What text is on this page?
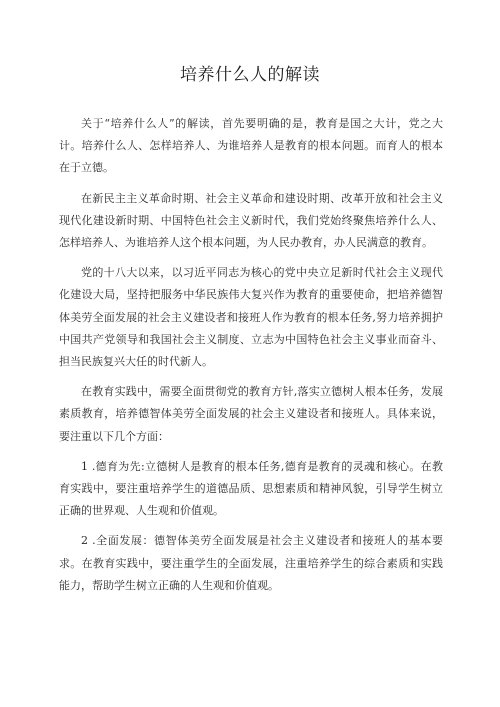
培养什么人的解读

关于“培养什么人”的解读，首先要明确的是，教育是国之大计，党之大计。培养什么人、怎样培养人、为谁培养人是教育的根本问题。而育人的根本在于立德。

在新民主主义革命时期、社会主义革命和建设时期、改革开放和社会主义现代化建设新时期、中国特色社会主义新时代，我们党始终聚焦培养什么人、怎样培养人、为谁培养人这个根本问题，为人民办教育，办人民满意的教育。

党的十八大以来，以习近平同志为核心的党中央立足新时代社会主义现代化建设大局，坚持把服务中华民族伟大复兴作为教育的重要使命，把培养德智体美劳全面发展的社会主义建设者和接班人作为教育的根本任务,努力培养拥护中国共产党领导和我国社会主义制度、立志为中国特色社会主义事业而奋斗、担当民族复兴大任的时代新人。

在教育实践中，需要全面贯彻党的教育方针,落实立德树人根本任务，发展素质教育，培养德智体美劳全面发展的社会主义建设者和接班人。具体来说，要注重以下几个方面：

1 .德育为先:立德树人是教育的根本任务,德育是教育的灵魂和核心。在教育实践中，要注重培养学生的道德品质、思想素质和精神风貌，引导学生树立正确的世界观、人生观和价值观。

2 .全面发展：德智体美劳全面发展是社会主义建设者和接班人的基本要求。在教育实践中，要注重学生的全面发展，注重培养学生的综合素质和实践能力，帮助学生树立正确的人生观和价值观。
